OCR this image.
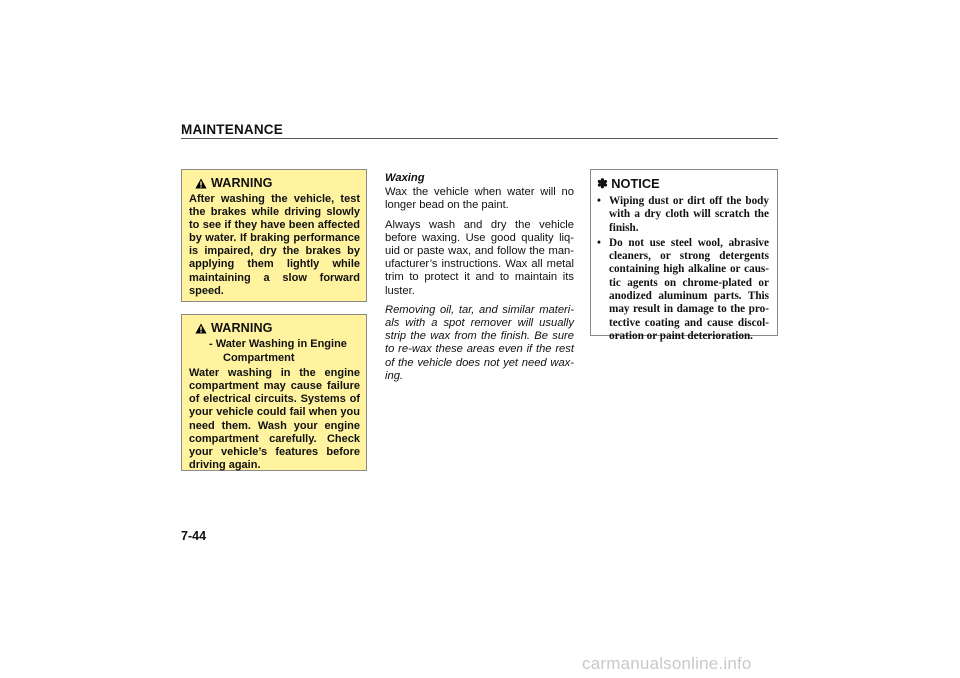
MAINTENANCE
WARNING

After washing the vehicle, test the brakes while driving slowly to see if they have been affected by water. If braking performance is impaired, dry the brakes by applying them lightly while maintaining a slow forward speed.

WARNING
- Water Washing in Engine
Compartment

Water washing in the engine compartment may cause failure of electrical circuits. Systems of your vehicle could fail when you need them. Wash your engine compartment carefully. Check your vehicle’s features before driving again.

Waxing

Wax the vehicle when water will no longer bead on the paint.

Always wash and dry the vehicle before waxing. Use good quality liq-uid or paste wax, and follow the man-ufacturer’s instructions. Wax all metal trim to protect it and to maintain its luster.

Removing oil, tar, and similar materi-als with a spot remover will usually strip the wax from the finish. Be sure to re-wax these areas even if the rest of the vehicle does not yet need wax-ing.

✽ NOTICE
• Wiping dust or dirt off the body with a dry cloth will scratch the finish.
• Do not use steel wool, abrasive cleaners, or strong detergents containing high alkaline or caus-tic agents on chrome-plated or anodized aluminum parts. This may result in damage to the pro-tective coating and cause discol-oration or paint deterioration.
7-44
carmanualsonline.info
